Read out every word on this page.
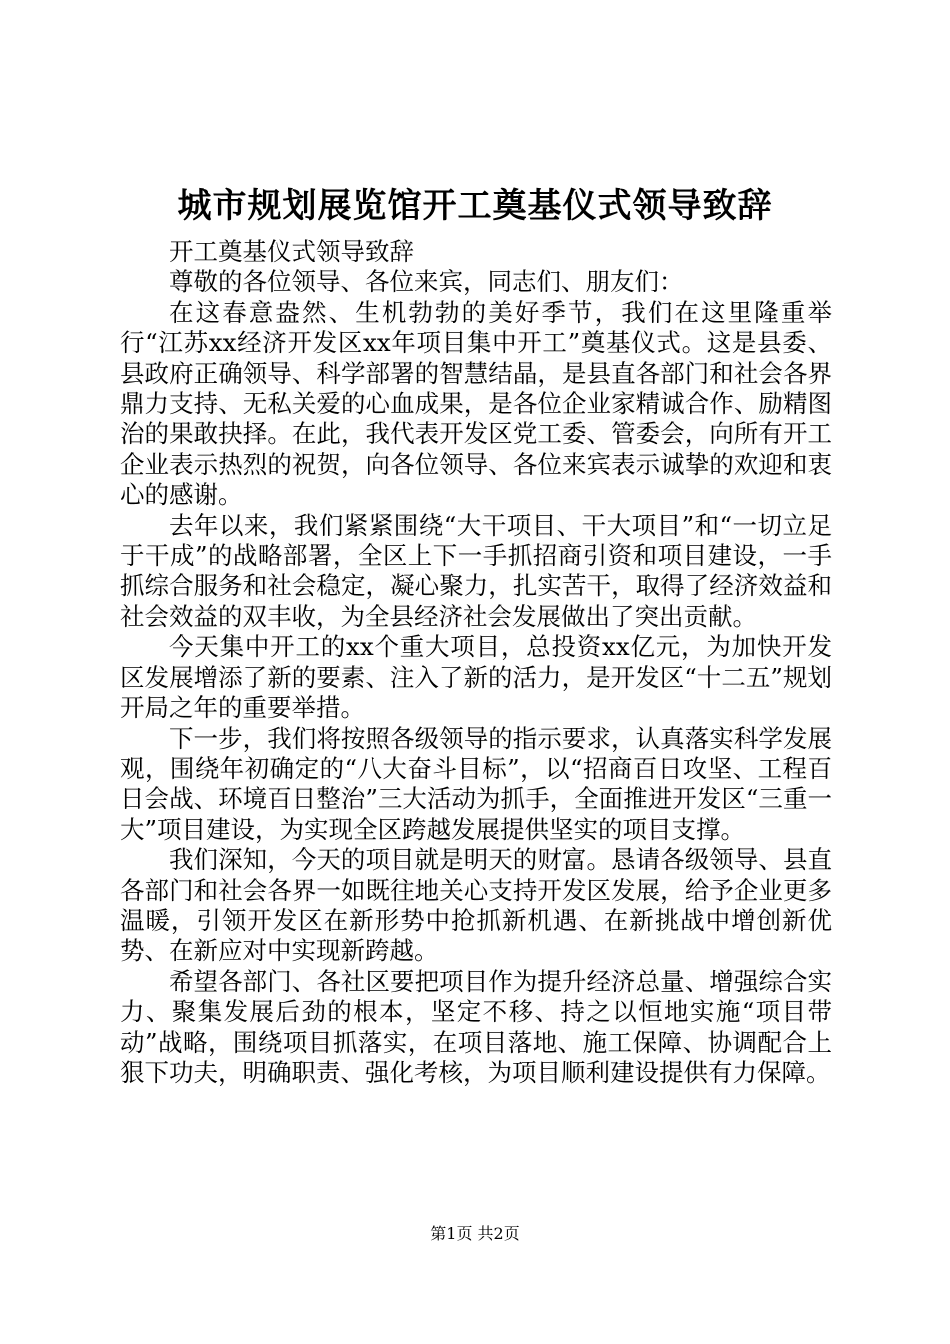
城市规划展览馆开工奠基仪式领导致辞

开工奠基仪式领导致辞

尊敬的各位领导、各位来宾，同志们、朋友们：

在这春意盎然、生机勃勃的美好季节，我们在这里隆重举行“江苏xx经济开发区xx年项目集中开工”奠基仪式。这是县委、县政府正确领导、科学部署的智慧结晶，是县直各部门和社会各界鼎力支持、无私关爱的心血成果，是各位企业家精诚合作、励精图治的果敢抉择。在此，我代表开发区党工委、管委会，向所有开工企业表示热烈的祝贺，向各位领导、各位来宾表示诚挚的欢迎和衷心的感谢。

去年以来，我们紧紧围绕“大干项目、干大项目”和“一切立足于干成”的战略部署，全区上下一手抓招商引资和项目建设，一手抓综合服务和社会稳定，凝心聚力，扎实苦干，取得了经济效益和社会效益的双丰收，为全县经济社会发展做出了突出贡献。

今天集中开工的xx个重大项目，总投资xx亿元，为加快开发区发展增添了新的要素、注入了新的活力，是开发区“十二五”规划开局之年的重要举措。

下一步，我们将按照各级领导的指示要求，认真落实科学发展观，围绕年初确定的“八大奋斗目标”，以“招商百日攻坚、工程百日会战、环境百日整治”三大活动为抓手，全面推进开发区“三重一大”项目建设，为实现全区跨越发展提供坚实的项目支撑。

我们深知，今天的项目就是明天的财富。恳请各级领导、县直各部门和社会各界一如既往地关心支持开发区发展，给予企业更多温暖，引领开发区在新形势中抢抓新机遇、在新挑战中增创新优势、在新应对中实现新跨越。

希望各部门、各社区要把项目作为提升经济总量、增强综合实力、聚集发展后劲的根本，坚定不移、持之以恒地实施“项目带动”战略，围绕项目抓落实，在项目落地、施工保障、协调配合上狠下功夫，明确职责、强化考核，为项目顺利建设提供有力保障。

第1页 共2页
